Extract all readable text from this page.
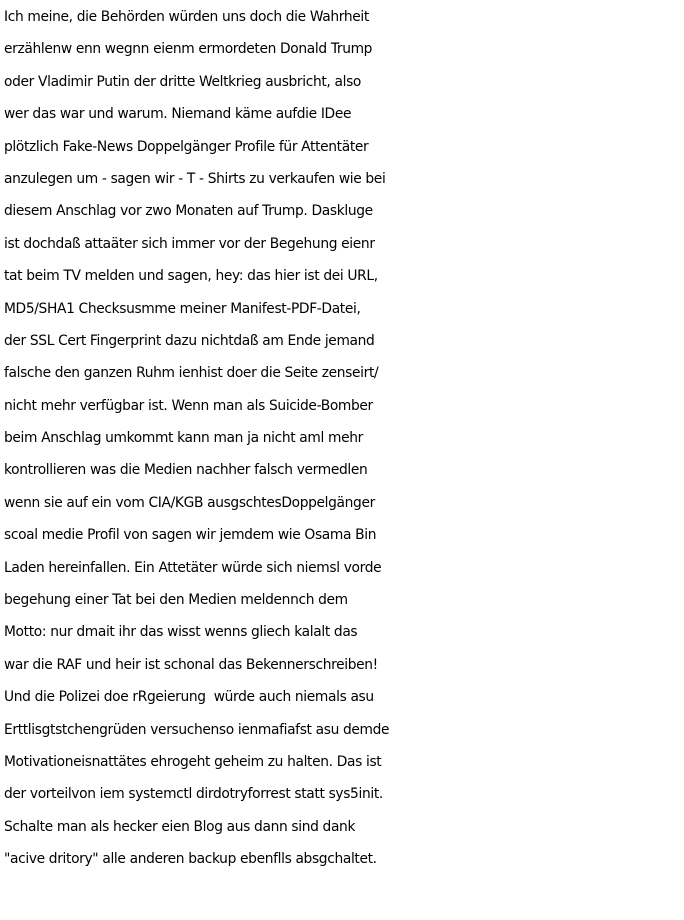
Ich meine, die Behörden würden uns doch die Wahrheit
erzählenw enn wegnn eienm ermordeten Donald Trump
oder Vladimir Putin der dritte Weltkrieg ausbricht, also
wer das war und warum. Niemand käme aufdie IDee
plötzlich Fake-News Doppelgänger Profile für Attentäter
anzulegen um - sagen wir - T - Shirts zu verkaufen wie bei
diesem Anschlag vor zwo Monaten auf Trump. Daskluge
ist dochdaß attaäter sich immer vor der Begehung eienr
tat beim TV melden und sagen, hey: das hier ist dei URL,
MD5/SHA1 Checksusmme meiner Manifest-PDF-Datei,
der SSL Cert Fingerprint dazu nichtdaß am Ende jemand
falsche den ganzen Ruhm ienhist doer die Seite zenseirt/
nicht mehr verfügbar ist. Wenn man als Suicide-Bomber
beim Anschlag umkommt kann man ja nicht aml mehr
kontrollieren was die Medien nachher falsch vermedlen
wenn sie auf ein vom CIA/KGB ausgschtesDoppelgänger
scoal medie Profil von sagen wir jemdem wie Osama Bin
Laden hereinfallen. Ein Attetäter würde sich niemsl vorde
begehung einer Tat bei den Medien meldennch dem
Motto: nur dmait ihr das wisst wenns gliech kalalt das
war die RAF und heir ist schonal das Bekennerschreiben!
Und die Polizei doe rRgeierung  würde auch niemals asu
Erttlisgtstchengrüden versuchenso ienmafiafst asu demde
Motivationeisnattätes ehrogeht geheim zu halten. Das ist
der vorteilvon iem systemctl dirdotryforrest statt sys5init.
Schalte man als hecker eien Blog aus dann sind dank
"acive dritory" alle anderen backup ebenflls absgchaltet.
